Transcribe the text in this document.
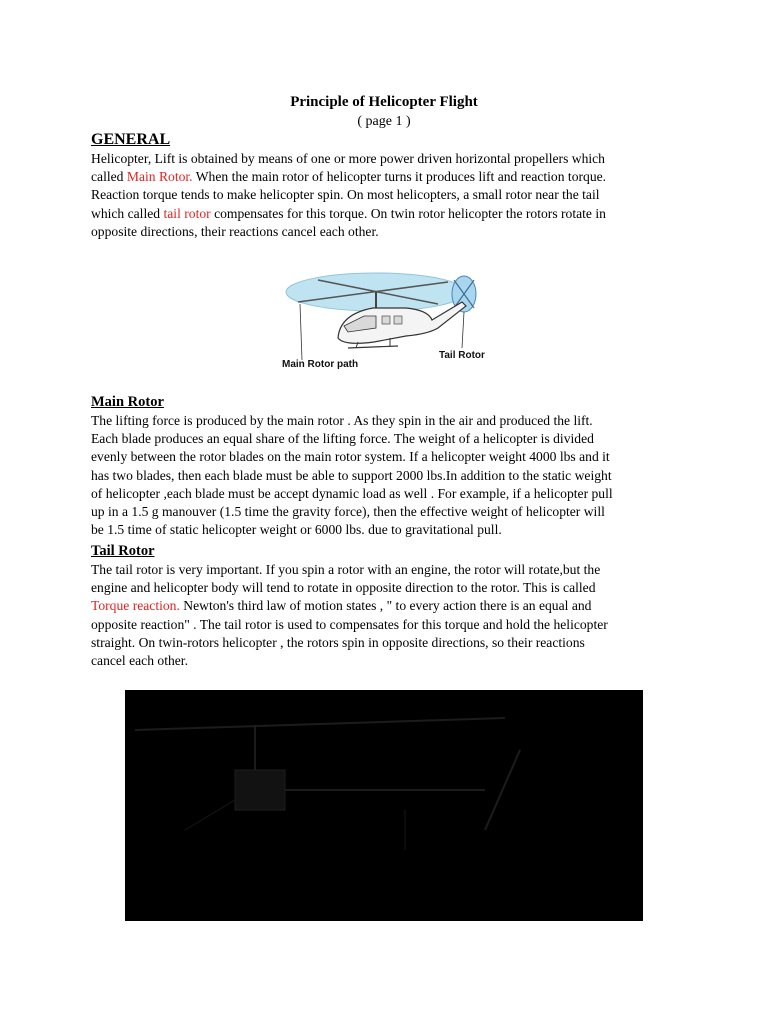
Principle of Helicopter Flight
( page 1 )
GENERAL
Helicopter, Lift is obtained by means of one or more power driven horizontal propellers which
called Main Rotor. When the main rotor of helicopter turns it produces lift and reaction torque.
Reaction torque tends to make helicopter spin. On most helicopters, a small rotor near the tail
which called tail rotor compensates for this torque. On twin rotor helicopter the rotors rotate in
opposite directions, their reactions cancel each other.
Main Rotor path
Tail Rotor
Main Rotor
The lifting force is produced by the main rotor . As they spin in the air and produced the lift.
Each blade produces an equal share of the lifting force. The weight of a helicopter is divided
evenly between the rotor blades on the main rotor system. If a helicopter weight 4000 lbs and it
has two blades, then each blade must be able to support 2000 lbs.In addition to the static weight
of helicopter ,each blade must be accept dynamic load as well . For example, if a helicopter pull
up in a 1.5 g manouver (1.5 time the gravity force), then the effective weight of helicopter will
be 1.5 time of static helicopter weight or 6000 lbs. due to gravitational pull.
Tail Rotor
The tail rotor is very important. If you spin a rotor with an engine, the rotor will rotate,but the
engine and helicopter body will tend to rotate in opposite direction to the rotor. This is called
Torque reaction. Newton's third law of motion states , " to every action there is an equal and
opposite reaction" . The tail rotor is used to compensates for this torque and hold the helicopter
straight. On twin-rotors helicopter , the rotors spin in opposite directions, so their reactions
cancel each other.
